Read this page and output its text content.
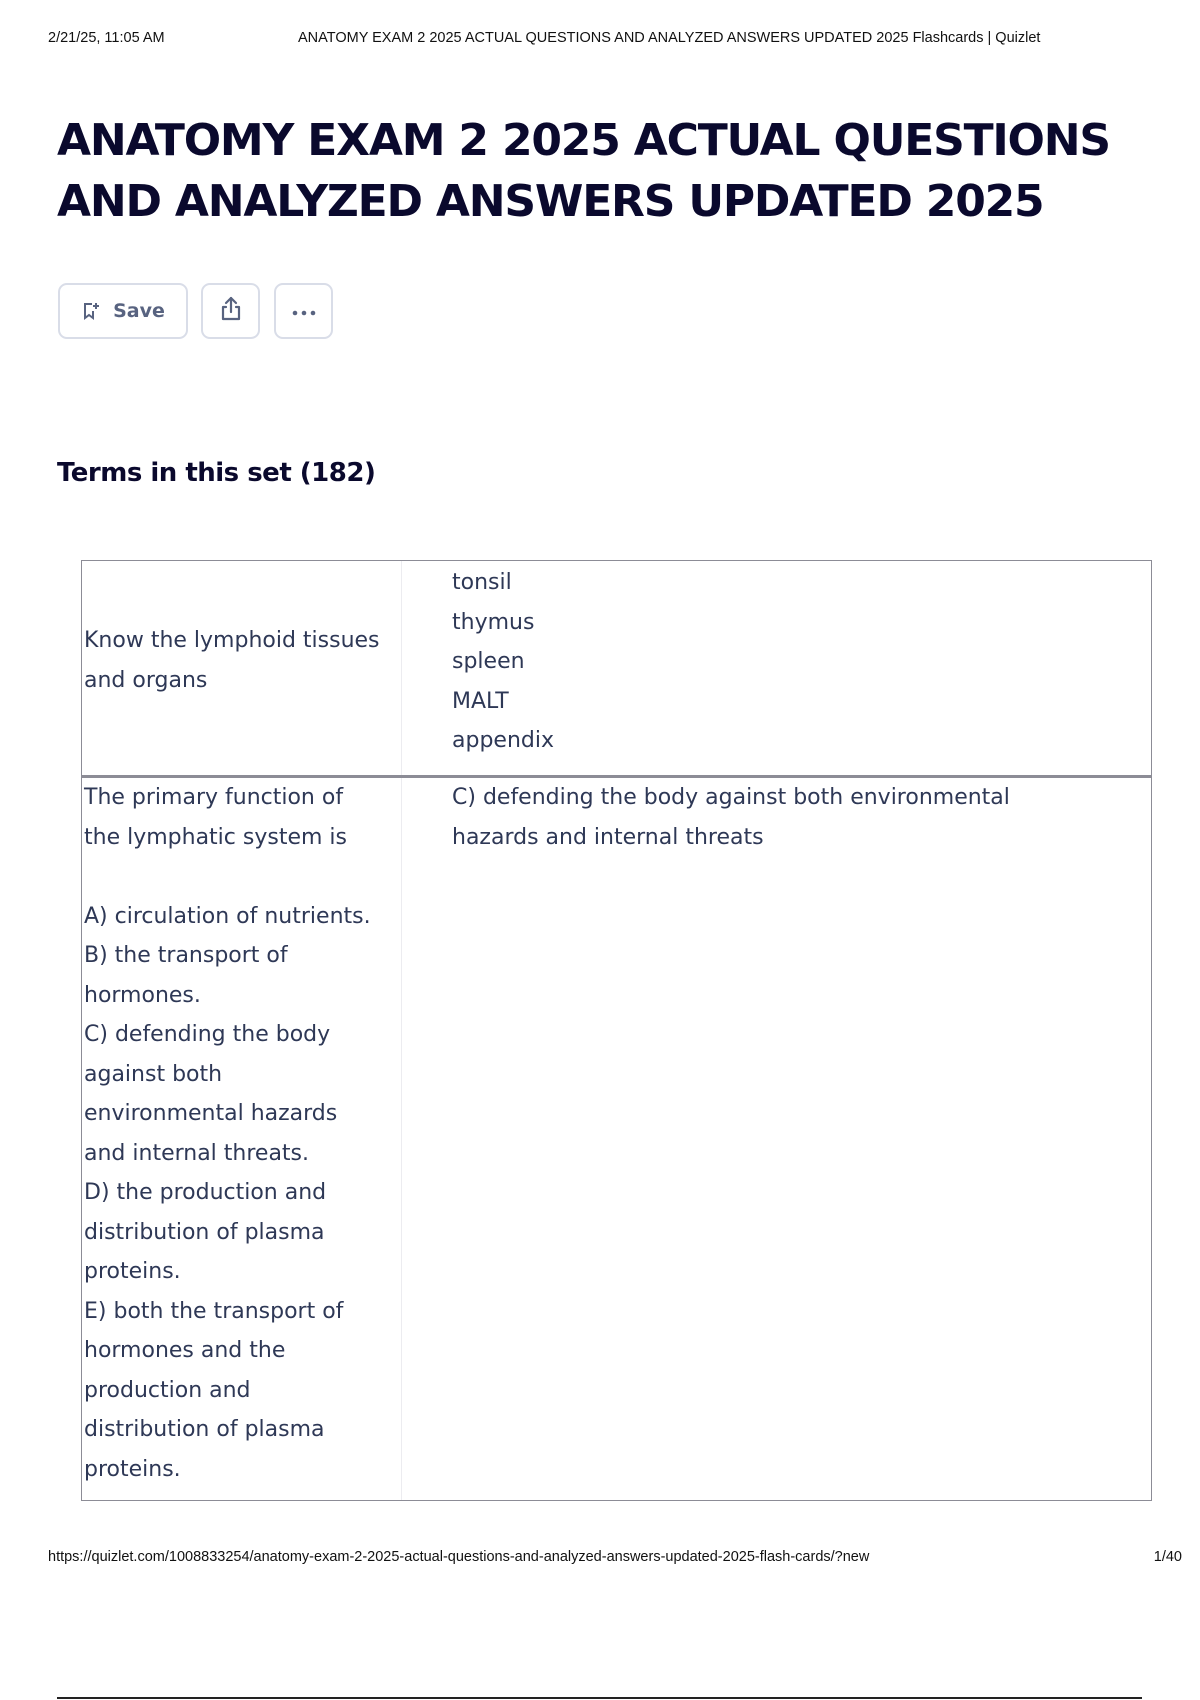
2/21/25, 11:05 AM	ANATOMY EXAM 2 2025 ACTUAL QUESTIONS AND ANALYZED ANSWERS UPDATED 2025 Flashcards | Quizlet
ANATOMY EXAM 2 2025 ACTUAL QUESTIONS
AND ANALYZED ANSWERS UPDATED 2025
Save
Terms in this set (182)
Know the lymphoid tissues
and organs
tonsil
thymus
spleen
MALT
appendix
The primary function of
the lymphatic system is
A) circulation of nutrients.
B) the transport of
hormones.
C) defending the body
against both
environmental hazards
and internal threats.
D) the production and
distribution of plasma
proteins.
E) both the transport of
hormones and the
production and
distribution of plasma
proteins.
C) defending the body against both environmental
hazards and internal threats
https://quizlet.com/1008833254/anatomy-exam-2-2025-actual-questions-and-analyzed-answers-updated-2025-flash-cards/?new	1/40
